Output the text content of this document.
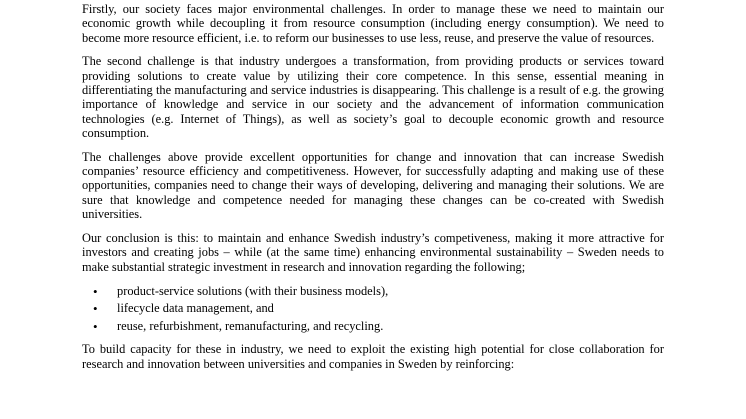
Firstly, our society faces major environmental challenges. In order to manage these we need to maintain our economic growth while decoupling it from resource consumption (including energy consumption). We need to become more resource efficient, i.e. to reform our businesses to use less, reuse, and preserve the value of resources.

The second challenge is that industry undergoes a transformation, from providing products or services toward providing solutions to create value by utilizing their core competence. In this sense, essential meaning in differentiating the manufacturing and service industries is disappearing. This challenge is a result of e.g. the growing importance of knowledge and service in our society and the advancement of information communication technologies (e.g. Internet of Things), as well as society’s goal to decouple economic growth and resource consumption.

The challenges above provide excellent opportunities for change and innovation that can increase Swedish companies’ resource efficiency and competitiveness. However, for successfully adapting and making use of these opportunities, companies need to change their ways of developing, delivering and managing their solutions. We are sure that knowledge and competence needed for managing these changes can be co-created with Swedish universities.

Our conclusion is this: to maintain and enhance Swedish industry’s competiveness, making it more attractive for investors and creating jobs – while (at the same time) enhancing environmental sustainability – Sweden needs to make substantial strategic investment in research and innovation regarding the following;

• product-service solutions (with their business models),
• lifecycle data management, and
• reuse, refurbishment, remanufacturing, and recycling.

To build capacity for these in industry, we need to exploit the existing high potential for close collaboration for research and innovation between universities and companies in Sweden by reinforcing:
